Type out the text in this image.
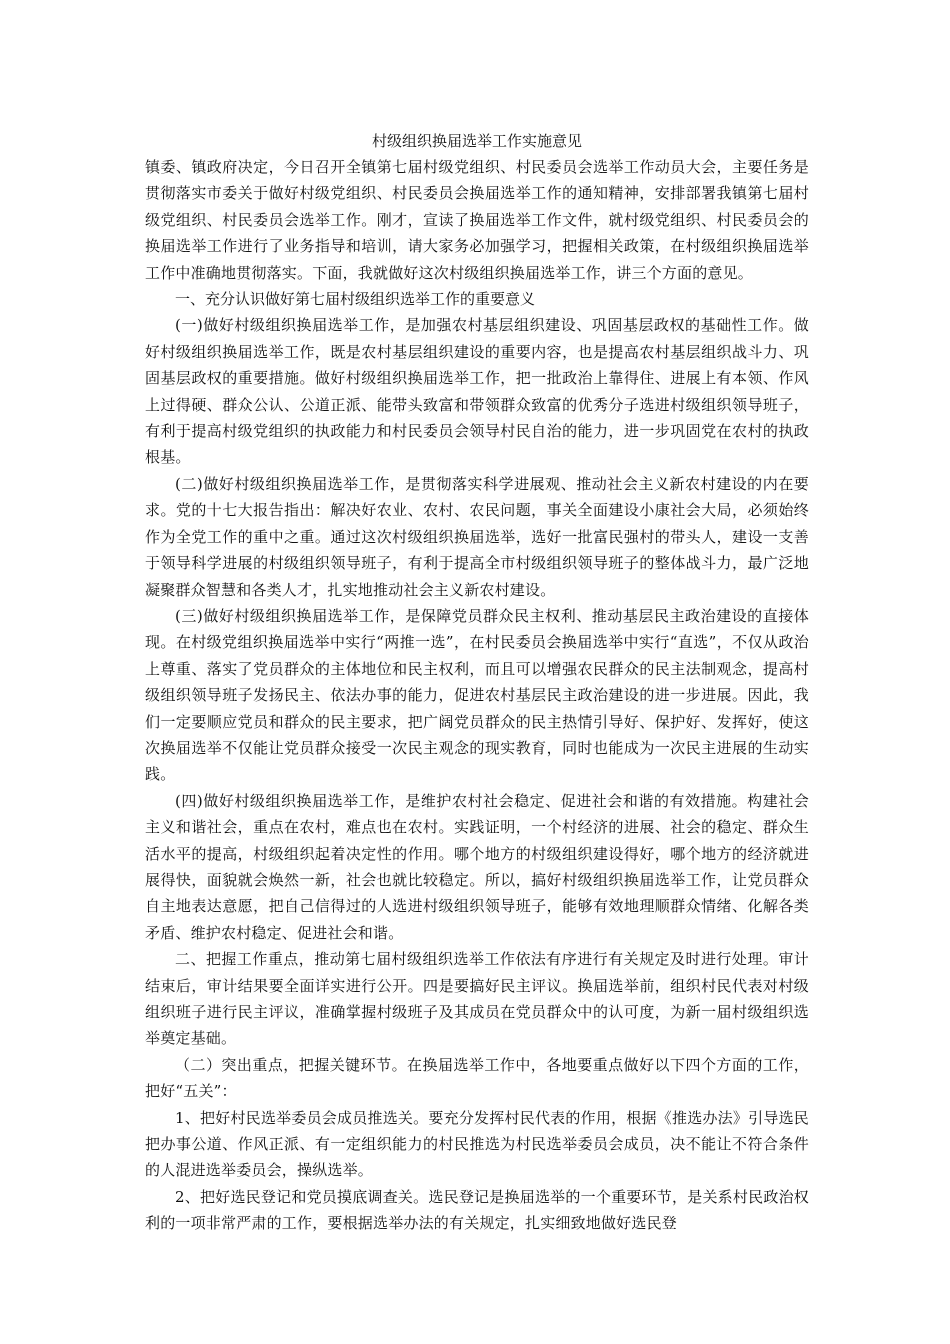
村级组织换届选举工作实施意见

镇委、镇政府决定，今日召开全镇第七届村级党组织、村民委员会选举工作动员大会，主要任务是贯彻落实市委关于做好村级党组织、村民委员会换届选举工作的通知精神，安排部署我镇第七届村级党组织、村民委员会选举工作。刚才，宣读了换届选举工作文件，就村级党组织、村民委员会的换届选举工作进行了业务指导和培训，请大家务必加强学习，把握相关政策，在村级组织换届选举工作中准确地贯彻落实。下面，我就做好这次村级组织换届选举工作，讲三个方面的意见。

一、充分认识做好第七届村级组织选举工作的重要意义

(一)做好村级组织换届选举工作，是加强农村基层组织建设、巩固基层政权的基础性工作。做好村级组织换届选举工作，既是农村基层组织建设的重要内容，也是提高农村基层组织战斗力、巩固基层政权的重要措施。做好村级组织换届选举工作，把一批政治上靠得住、进展上有本领、作风上过得硬、群众公认、公道正派、能带头致富和带领群众致富的优秀分子选进村级组织领导班子，有利于提高村级党组织的执政能力和村民委员会领导村民自治的能力，进一步巩固党在农村的执政根基。

(二)做好村级组织换届选举工作，是贯彻落实科学进展观、推动社会主义新农村建设的内在要求。党的十七大报告指出：解决好农业、农村、农民问题，事关全面建设小康社会大局，必须始终作为全党工作的重中之重。通过这次村级组织换届选举，选好一批富民强村的带头人，建设一支善于领导科学进展的村级组织领导班子，有利于提高全市村级组织领导班子的整体战斗力，最广泛地凝聚群众智慧和各类人才，扎实地推动社会主义新农村建设。

(三)做好村级组织换届选举工作，是保障党员群众民主权利、推动基层民主政治建设的直接体现。在村级党组织换届选举中实行“两推一选”，在村民委员会换届选举中实行“直选”，不仅从政治上尊重、落实了党员群众的主体地位和民主权利，而且可以增强农民群众的民主法制观念，提高村级组织领导班子发扬民主、依法办事的能力，促进农村基层民主政治建设的进一步进展。因此，我们一定要顺应党员和群众的民主要求，把广阔党员群众的民主热情引导好、保护好、发挥好，使这次换届选举不仅能让党员群众接受一次民主观念的现实教育，同时也能成为一次民主进展的生动实践。

(四)做好村级组织换届选举工作，是维护农村社会稳定、促进社会和谐的有效措施。构建社会主义和谐社会，重点在农村，难点也在农村。实践证明，一个村经济的进展、社会的稳定、群众生活水平的提高，村级组织起着决定性的作用。哪个地方的村级组织建设得好，哪个地方的经济就进展得快，面貌就会焕然一新，社会也就比较稳定。所以，搞好村级组织换届选举工作，让党员群众自主地表达意愿，把自己信得过的人选进村级组织领导班子，能够有效地理顺群众情绪、化解各类矛盾、维护农村稳定、促进社会和谐。

二、把握工作重点，推动第七届村级组织选举工作依法有序进行有关规定及时进行处理。审计结束后，审计结果要全面详实进行公开。四是要搞好民主评议。换届选举前，组织村民代表对村级组织班子进行民主评议，准确掌握村级班子及其成员在党员群众中的认可度，为新一届村级组织选举奠定基础。

（二）突出重点，把握关键环节。在换届选举工作中，各地要重点做好以下四个方面的工作，把好“五关”：

1、把好村民选举委员会成员推选关。要充分发挥村民代表的作用，根据《推选办法》引导选民把办事公道、作风正派、有一定组织能力的村民推选为村民选举委员会成员，决不能让不符合条件的人混进选举委员会，操纵选举。

2、把好选民登记和党员摸底调查关。选民登记是换届选举的一个重要环节，是关系村民政治权利的一项非常严肃的工作，要根据选举办法的有关规定，扎实细致地做好选民登
